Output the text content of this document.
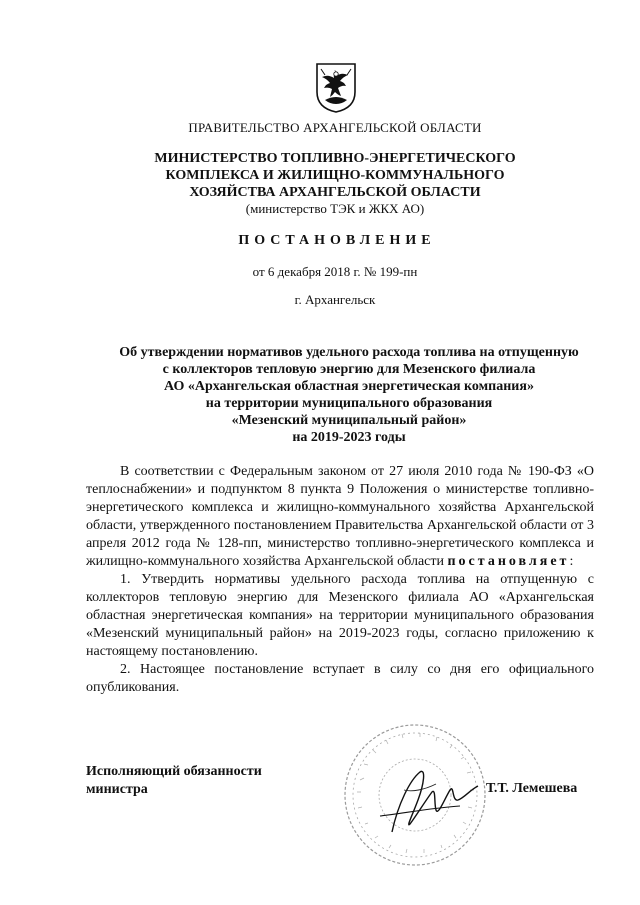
ПРАВИТЕЛЬСТВО АРХАНГЕЛЬСКОЙ ОБЛАСТИ
МИНИСТЕРСТВО ТОПЛИВНО-ЭНЕРГЕТИЧЕСКОГО
КОМПЛЕКСА И ЖИЛИЩНО-КОММУНАЛЬНОГО
ХОЗЯЙСТВА АРХАНГЕЛЬСКОЙ ОБЛАСТИ
(министерство ТЭК и ЖКХ АО)
ПОСТАНОВЛЕНИЕ
от 6 декабря 2018 г. № 199-пн
г. Архангельск
Об утверждении нормативов удельного расхода топлива на отпущенную
с коллекторов тепловую энергию для Мезенского филиала
АО «Архангельская областная энергетическая компания»
на территории муниципального образования
«Мезенский муниципальный район»
на 2019-2023 годы

В соответствии с Федеральным законом от 27 июля 2010 года № 190-ФЗ «О теплоснабжении» и подпунктом 8 пункта 9 Положения о министерстве топливно-энергетического комплекса и жилищно-коммунального хозяйства Архангельской области, утвержденного постановлением Правительства Архангельской области от 3 апреля 2012 года № 128-пп, министерство топливно-энергетического комплекса и жилищно-коммунального хозяйства Архангельской области постановляет:

1. Утвердить нормативы удельного расхода топлива на отпущенную с коллекторов тепловую энергию для Мезенского филиала АО «Архангельская областная энергетическая компания» на территории муниципального образования «Мезенский муниципальный район» на 2019-2023 годы, согласно приложению к настоящему постановлению.

2. Настоящее постановление вступает в силу со дня его официального опубликования.

Исполняющий обязанности
министра	Т.Т. Лемешева
